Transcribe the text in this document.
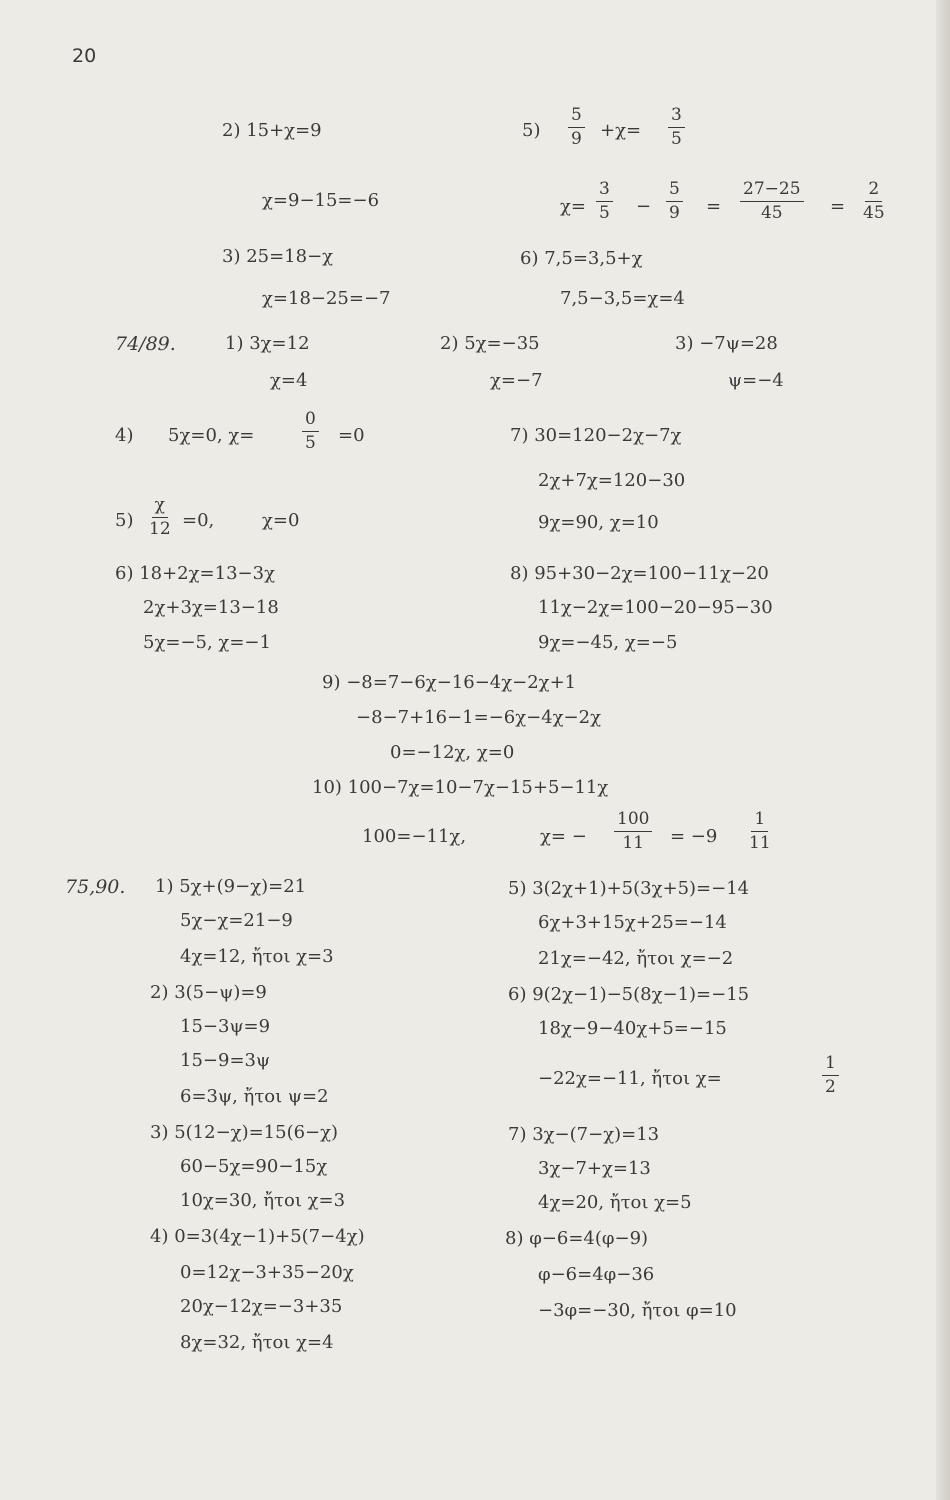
20
2) 15+χ=9
χ=9−15=−6
3) 25=18−χ
χ=18−25=−7
5)
5
9 +χ=
3
5
χ=
3
5 −
5
9 =
27−25
45	=
2
45
6) 7,5=3,5+χ
7,5−3,5=χ=4
74/89.	1) 3χ=12
χ=4
2) 5χ=−35
χ=−7
3) −7ψ=28
ψ=−4
4) 5χ=0, χ=
0
5 =0
5)
χ
12 =0,	χ=0
6) 18+2χ=13−3χ
2χ+3χ=13−18
5χ=−5, χ=−1
7) 30=120−2χ−7χ
2χ+7χ=120−30
9χ=90, χ=10
8) 95+30−2χ=100−11χ−20
11χ−2χ=100−20−95−30
9χ=−45, χ=−5
9) −8=7−6χ−16−4χ−2χ+1
−8−7+16−1=−6χ−4χ−2χ
0=−12χ, χ=0
10) 100−7χ=10−7χ−15+5−11χ
100=−11χ,	χ= −
100
11 = −9
1
11
75,90. 1) 5χ+(9−χ)=21
5χ−χ=21−9
4χ=12, ἤτοι χ=3
2) 3(5−ψ)=9
15−3ψ=9
15−9=3ψ
6=3ψ, ἤτοι ψ=2
3) 5(12−χ)=15(6−χ)
60−5χ=90−15χ
10χ=30, ἤτοι χ=3
4) 0=3(4χ−1)+5(7−4χ)
0=12χ−3+35−20χ
20χ−12χ=−3+35
8χ=32, ἤτοι χ=4
5) 3(2χ+1)+5(3χ+5)=−14
6χ+3+15χ+25=−14
21χ=−42, ἤτοι χ=−2
6) 9(2χ−1)−5(8χ−1)=−15
18χ−9−40χ+5=−15
−22χ=−11, ἤτοι χ=
1
2
7) 3χ−(7−χ)=13
3χ−7+χ=13
4χ=20, ἤτοι χ=5
8) φ−6=4(φ−9)
φ−6=4φ−36
−3φ=−30, ἤτοι φ=10
